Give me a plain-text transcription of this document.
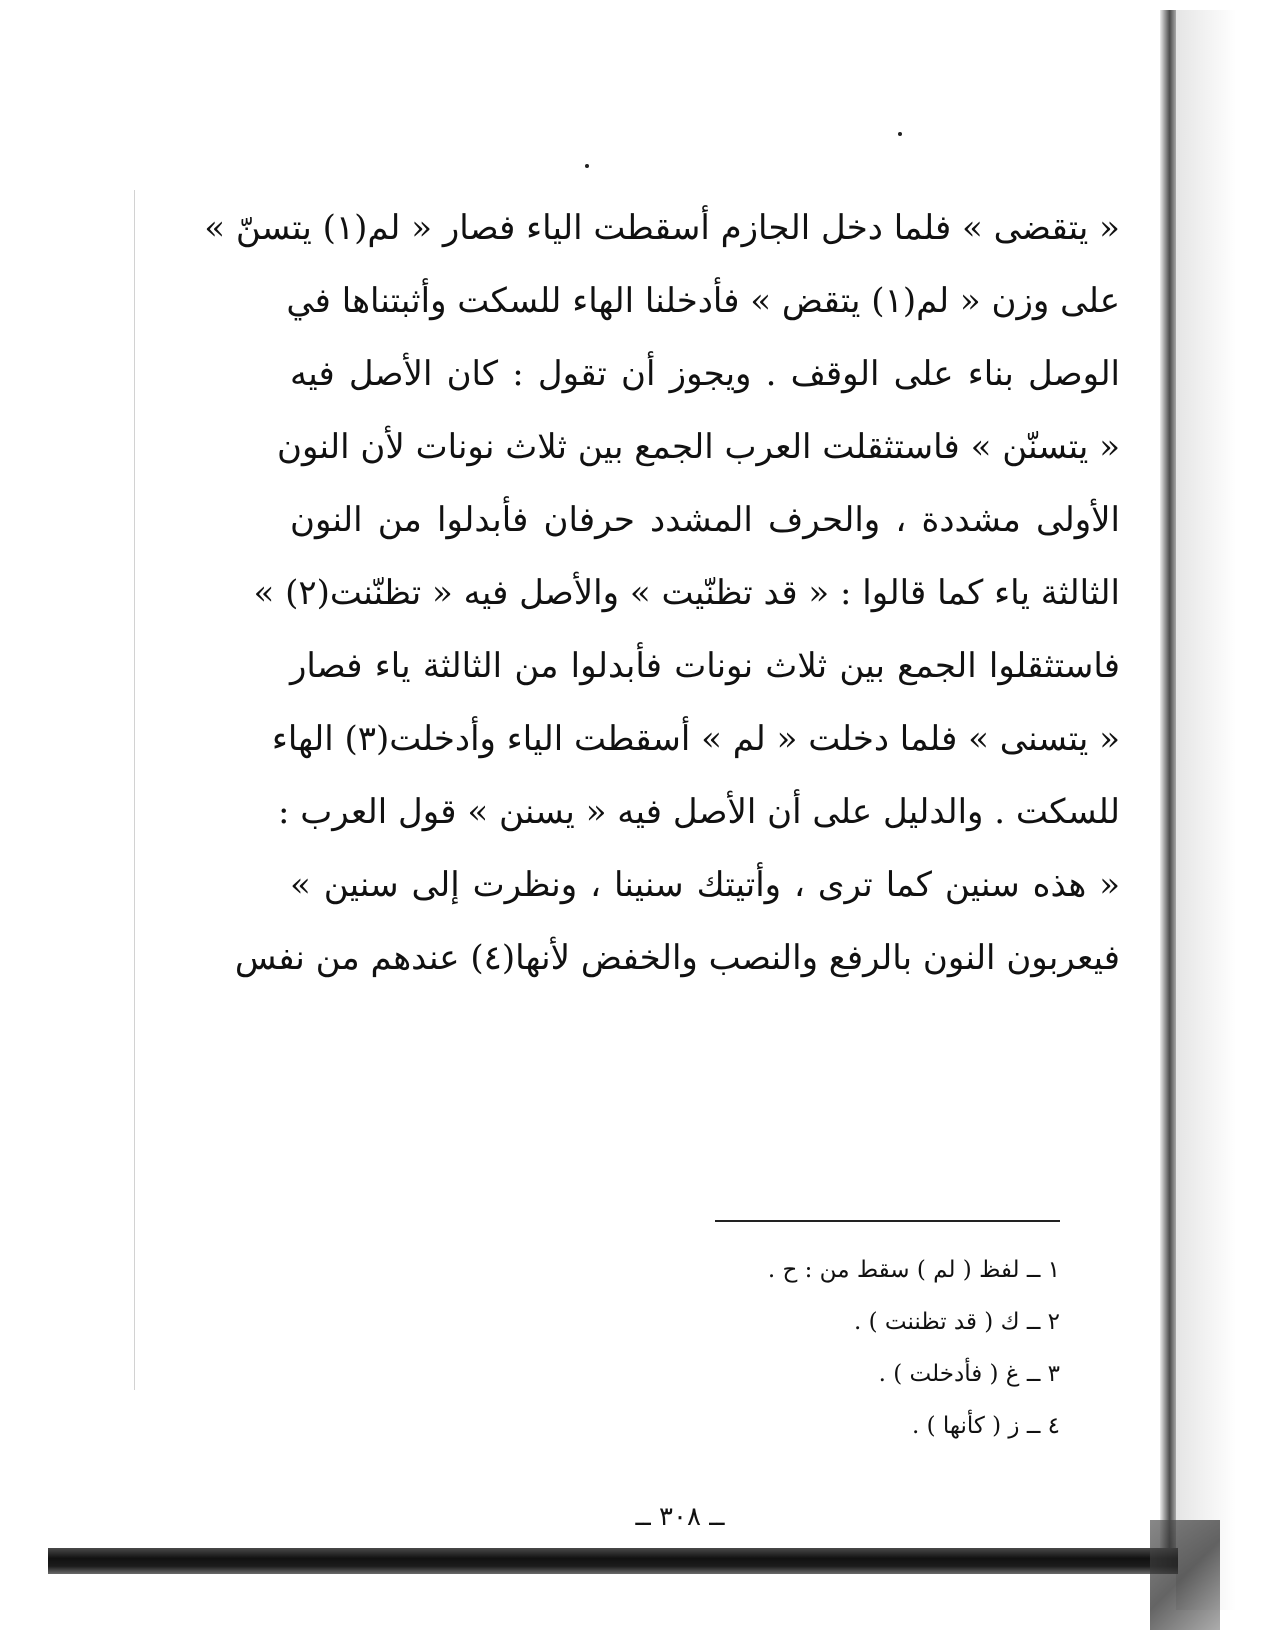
« يتقضى » فلما دخل الجازم أسقطت الياء فصار « لم(١) يتسنّ »
على وزن « لم(١) يتقض » فأدخلنا الهاء للسكت وأثبتناها في
الوصل بناء على الوقف . ويجوز أن تقول : كان الأصل فيه
« يتسنّن » فاستثقلت العرب الجمع بين ثلاث نونات لأن النون
الأولى مشددة ، والحرف المشدد حرفان فأبدلوا من النون
الثالثة ياء كما قالوا : « قد تظنّيت » والأصل فيه « تظنّنت(٢) »
فاستثقلوا الجمع بين ثلاث نونات فأبدلوا من الثالثة ياء فصار
« يتسنى » فلما دخلت « لم » أسقطت الياء وأدخلت(٣) الهاء
للسكت . والدليل على أن الأصل فيه « يسنن » قول العرب :
« هذه سنين كما ترى ، وأتيتك سنينا ، ونظرت إلى سنين »
فيعربون النون بالرفع والنصب والخفض لأنها(٤) عندهم من نفس
١ ــ لفظ ( لم ) سقط من : ح .
٢ ــ ك ( قد تظننت ) .
٣ ــ غ ( فأدخلت ) .
٤ ــ ز ( كأنها ) .
ــ ٣٠٨ ــ
